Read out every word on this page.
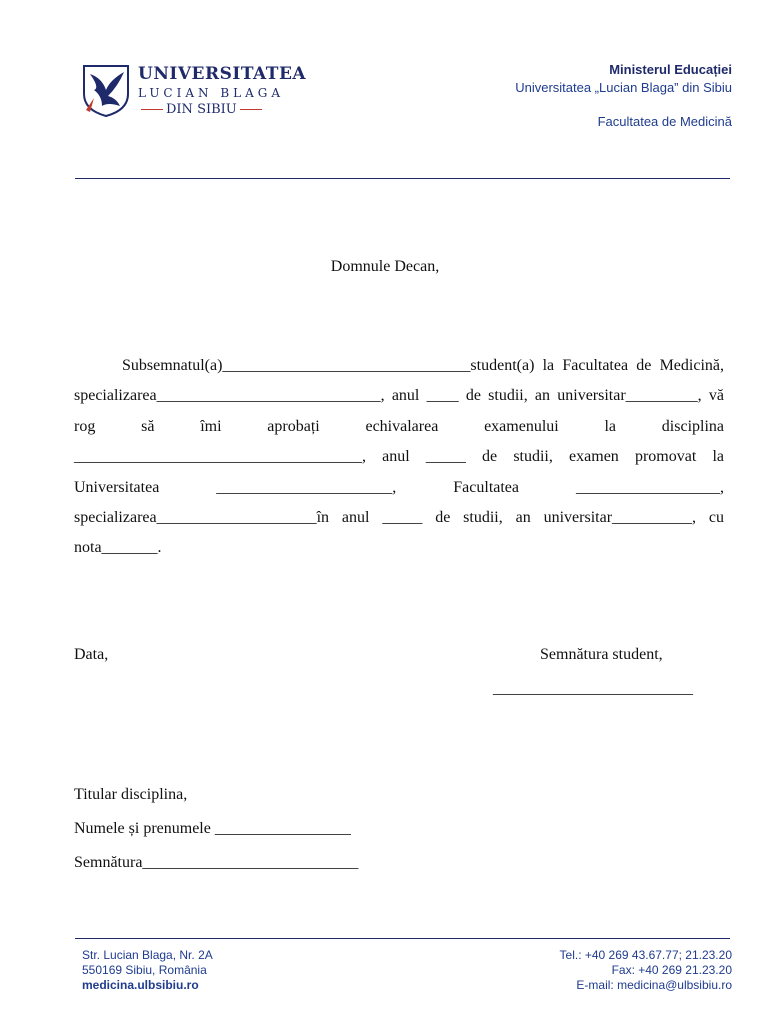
UNIVERSITATEA
LUCIAN BLAGA
DIN SIBIU
Ministerul Educației
Universitatea „Lucian Blaga” din Sibiu
Facultatea de Medicină
Domnule Decan,
Subsemnatul(a)_______________________________student(a) la Facultatea de Medicină, specializarea____________________________, anul ____ de studii, an universitar_________, vă rog să îmi aprobați echivalarea examenului la disciplina ____________________________________, anul _____ de studii, examen promovat la Universitatea ______________________, Facultatea __________________, specializarea____________________în anul _____ de studii, an universitar__________, cu nota_______.
Data,	Semnătura student,
_________________________
Titular disciplina,
Numele și prenumele _________________
Semnătura___________________________
Str. Lucian Blaga, Nr. 2A
550169 Sibiu, România
medicina.ulbsibiu.ro
Tel.: +40 269 43.67.77; 21.23.20
Fax: +40 269 21.23.20
E-mail: medicina@ulbsibiu.ro
